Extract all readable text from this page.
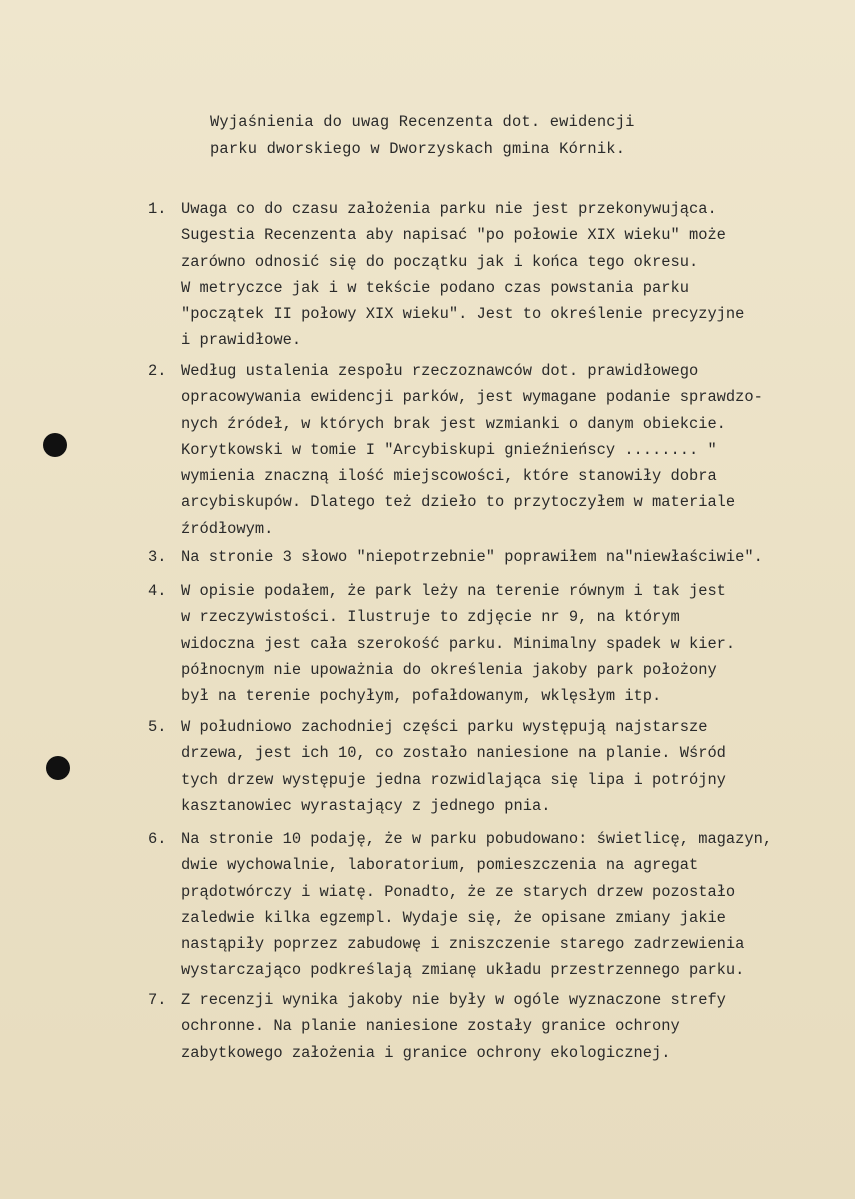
Wyjaśnienia do uwag Recenzenta dot. ewidencji
parku dworskiego w Dworzyskach gmina Kórnik.
1. Uwaga co do czasu założenia parku nie jest przekonywująca.
Sugestia Recenzenta aby napisać "po połowie XIX wieku" może
zarówno odnosić się do początku jak i końca tego okresu.
W metryczce jak i w tekście podano czas powstania parku
"początek II połowy XIX wieku". Jest to określenie precyzyjne
i prawidłowe.
2. Według ustalenia zespołu rzeczoznawców dot. prawidłowego
opracowywania ewidencji parków, jest wymagane podanie sprawdzo-
nych źródeł, w których brak jest wzmianki o danym obiekcie.
Korytkowski w tomie I "Arcybiskupi gnieźnieńscy ........ "
wymienia znaczną ilość miejscowości, które stanowiły dobra
arcybiskupów. Dlatego też dzieło to przytoczyłem w materiale
źródłowym.
3. Na stronie 3 słowo "niepotrzebnie" poprawiłem na"niewłaściwie".
4. W opisie podałem, że park leży na terenie równym i tak jest
w rzeczywistości. Ilustruje to zdjęcie nr 9, na którym
widoczna jest cała szerokość parku. Minimalny spadek w kier.
północnym nie upoważnia do określenia jakoby park położony
był na terenie pochyłym, pofałdowanym, wklęsłym itp.
5. W południowo zachodniej części parku występują najstarsze
drzewa, jest ich 10, co zostało naniesione na planie. Wśród
tych drzew występuje jedna rozwidlająca się lipa i potrójny
kasztanowiec wyrastający z jednego pnia.
6. Na stronie 10 podaję, że w parku pobudowano: świetlicę, magazyn,
dwie wychowalnie, laboratorium, pomieszczenia na agregat
prądotwórczy i wiatę. Ponadto, że ze starych drzew pozostało
zaledwie kilka egzempl. Wydaje się, że opisane zmiany jakie
nastąpiły poprzez zabudowę i zniszczenie starego zadrzewienia
wystarczająco podkreślają zmianę układu przestrzennego parku.
7. Z recenzji wynika jakoby nie były w ogóle wyznaczone strefy
ochronne. Na planie naniesione zostały granice ochrony
zabytkowego założenia i granice ochrony ekologicznej.
